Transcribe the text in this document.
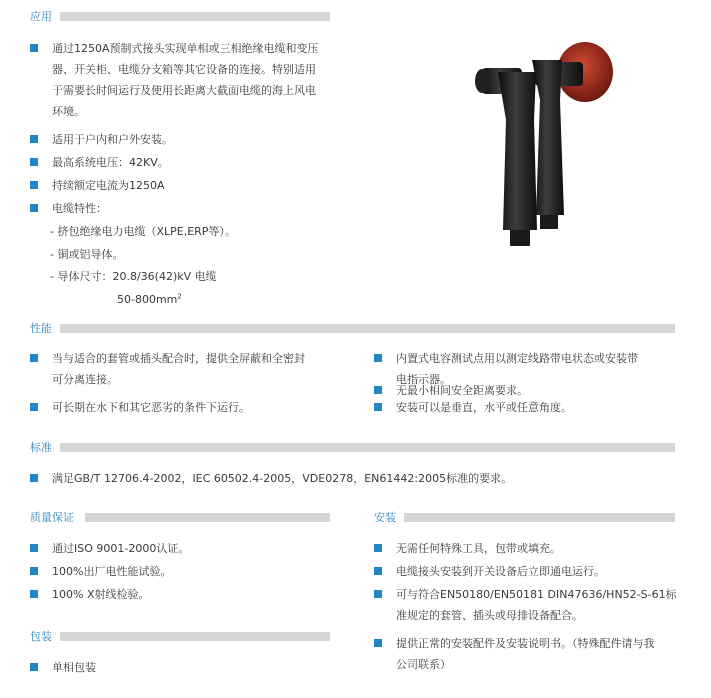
应用
通过1250A预制式接头实现单相或三相绝缘电缆和变压
器、开关柜、电缆分支箱等其它设备的连接。特别适用
于需要长时间运行及使用长距离大截面电缆的海上风电
环境。
适用于户内和户外安装。
最高系统电压：42KV。
持续额定电流为1250A
电缆特性：
- 挤包绝缘电力电缆（XLPE,ERP等）。
- 铜或铝导体。
- 导体尺寸：20.8/36(42)kV 电缆
$50-800mm^2$
性能
当与适合的套管或插头配合时，提供全屏蔽和全密封
可分离连接。
可长期在水下和其它恶劣的条件下运行。
内置式电容测试点用以测定线路带电状态或安装带
电指示器。
无最小相间安全距离要求。
安装可以是垂直，水平或任意角度。
标准
满足GB/T 12706.4-2002，IEC 60502.4-2005，VDE0278，EN61442:2005标准的要求。
质量保证
通过ISO 9001-2000认证。
100%出厂电性能试验。
100% X射线检验。
包装
单相包装
安装
无需任何特殊工具，包带或填充。
电缆接头安装到开关设备后立即通电运行。
可与符合EN50180/EN50181 DIN47636/HN52-S-61标
准规定的套管、插头或母排设备配合。
提供正常的安装配件及安装说明书。（特殊配件请与我
公司联系）
